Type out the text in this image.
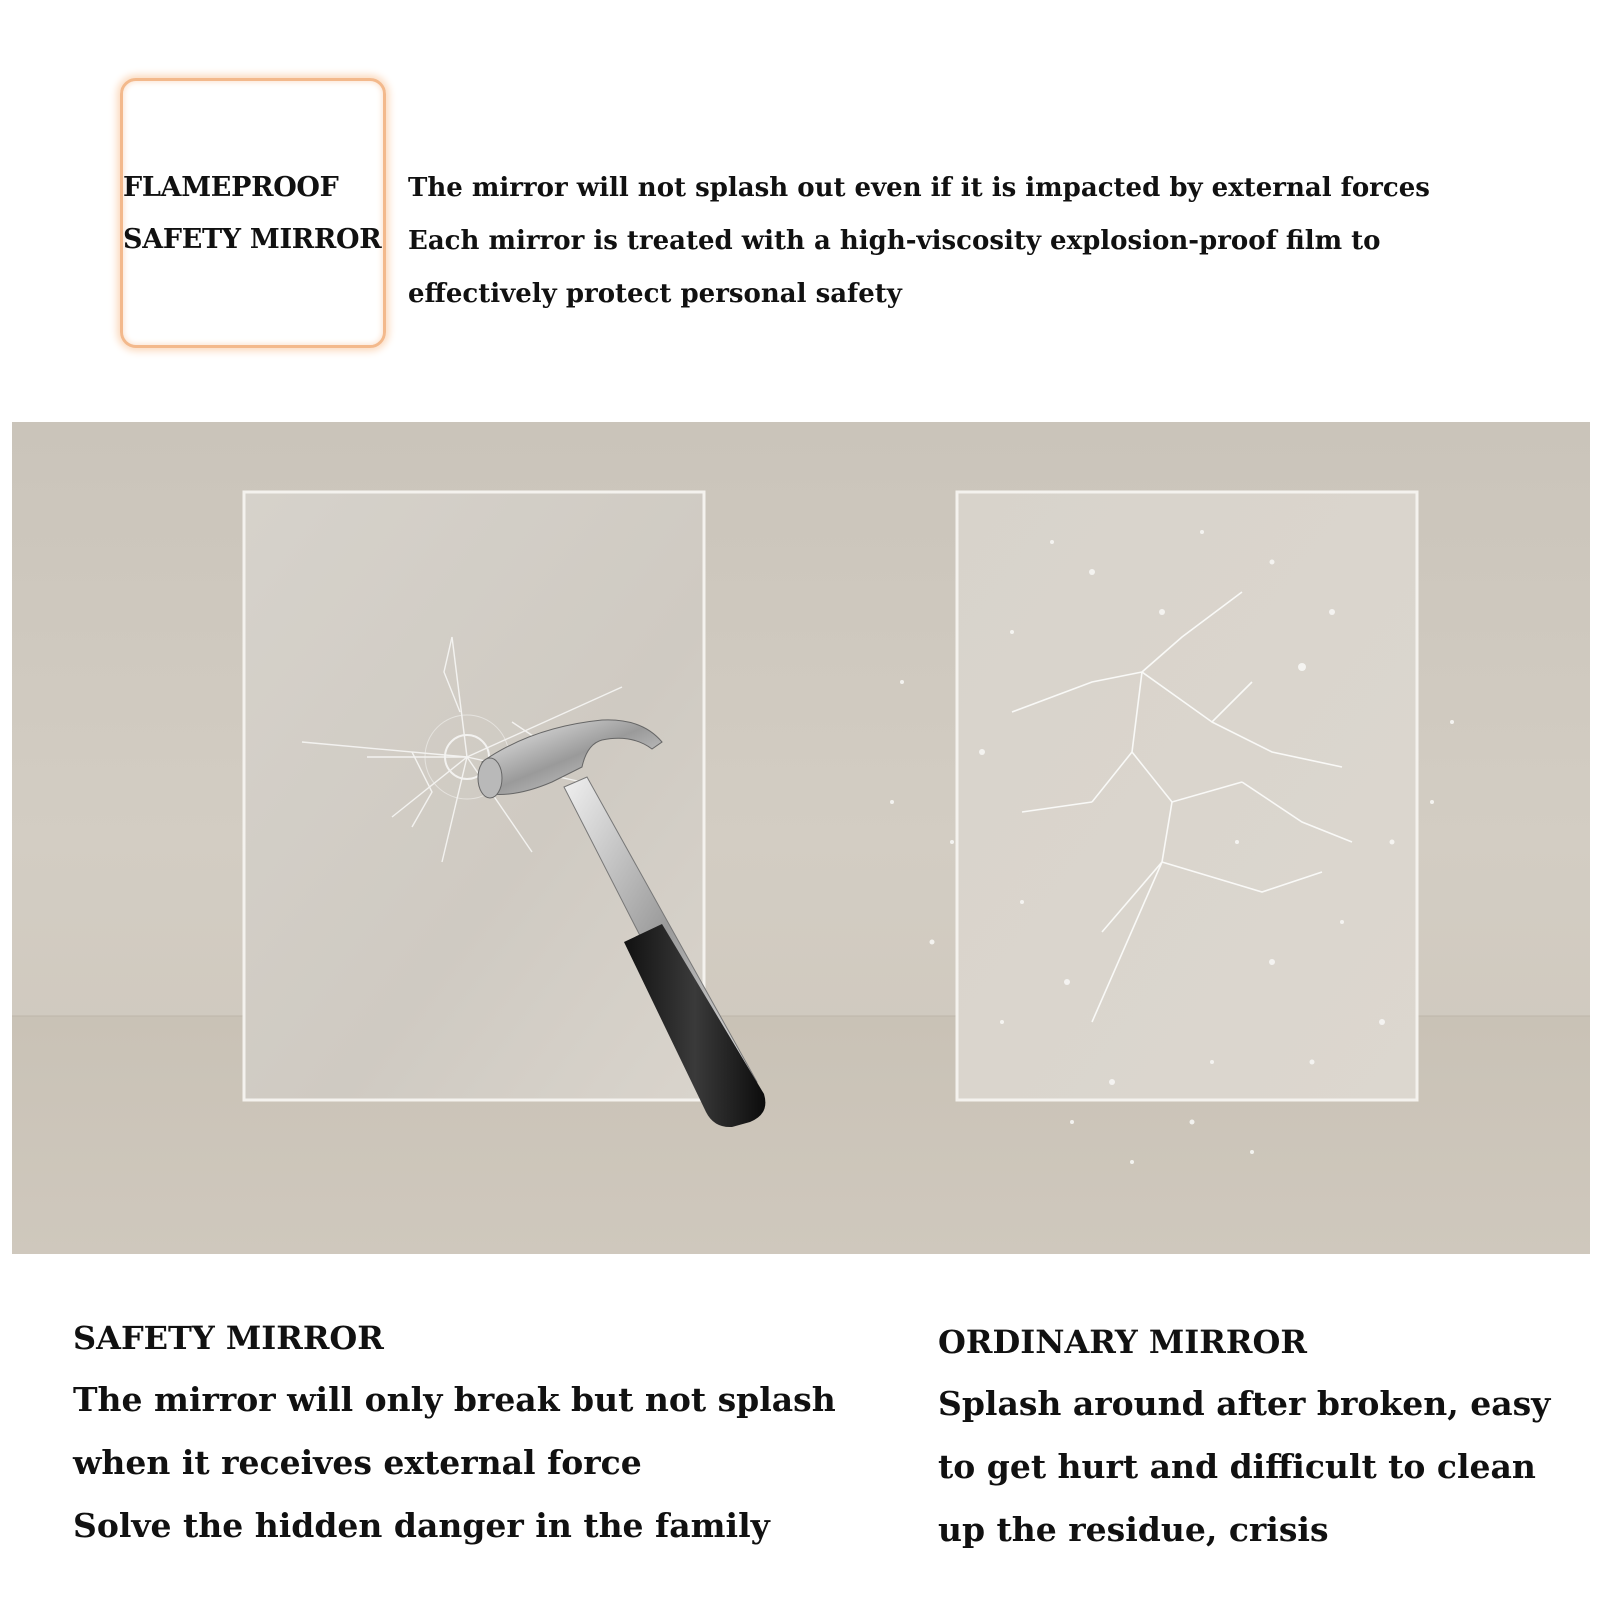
FLAMEPROOF
SAFETY MIRROR
The mirror will not splash out even if it is impacted by external forces
Each mirror is treated with a high-viscosity explosion-proof film to
effectively protect personal safety
SAFETY MIRROR

The mirror will only break but not splash

when it receives external force

Solve the hidden danger in the family

ORDINARY MIRROR

Splash around after broken, easy

to get hurt and difficult to clean

up the residue, crisis
